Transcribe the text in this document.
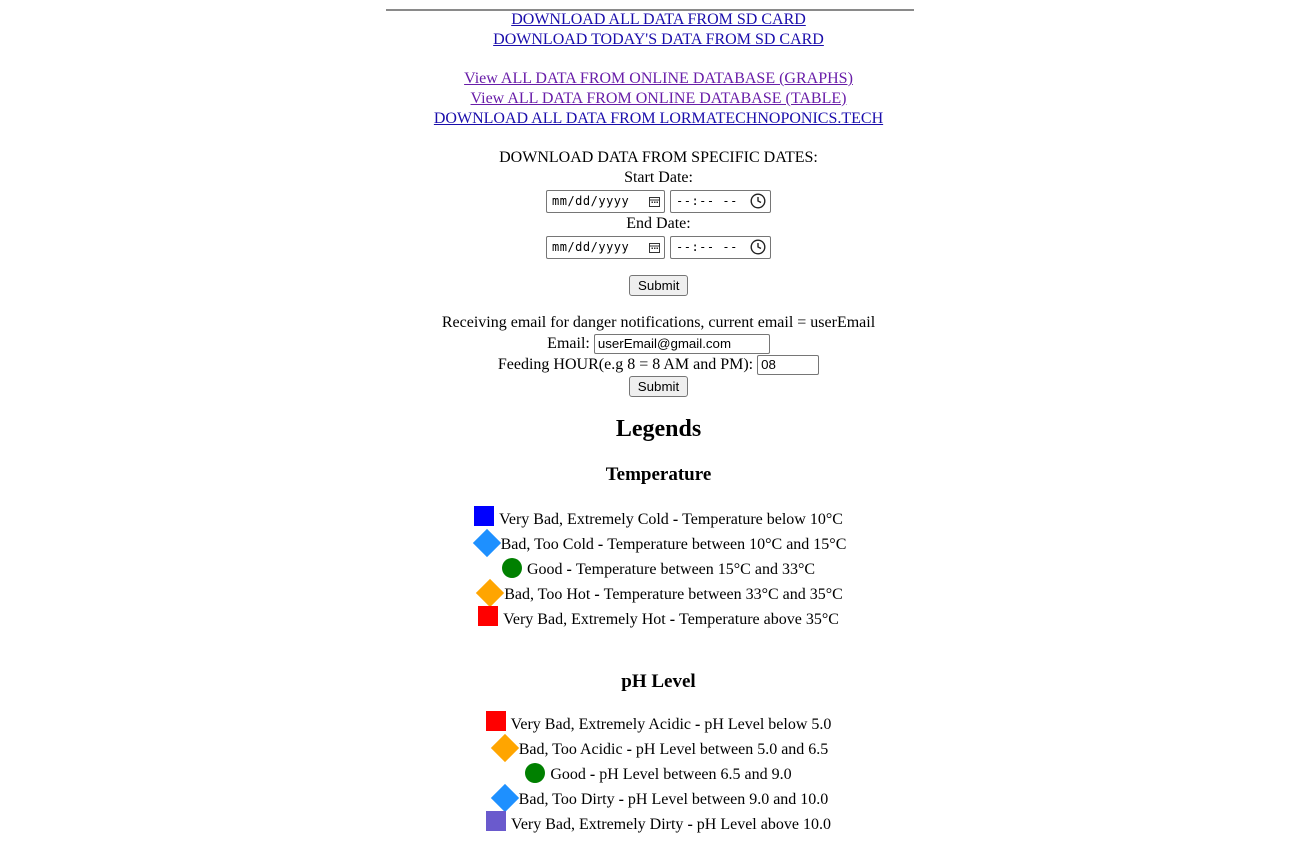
DOWNLOAD ALL DATA FROM SD CARD
DOWNLOAD TODAY'S DATA FROM SD CARD
View ALL DATA FROM ONLINE DATABASE (GRAPHS)
View ALL DATA FROM ONLINE DATABASE (TABLE)
DOWNLOAD ALL DATA FROM LORMATECHNOPONICS.TECH
DOWNLOAD DATA FROM SPECIFIC DATES:
Start Date:
mm/dd/yyyy	--:-- --
End Date:
mm/dd/yyyy	--:-- --
Submit
Receiving email for danger notifications, current email = userEmail
Email: userEmail@gmail.com
Feeding HOUR(e.g 8 = 8 AM and PM): 08
Submit
Legends
Temperature
Very Bad, Extremely Cold - Temperature below 10°C
Bad, Too Cold - Temperature between 10°C and 15°C
Good - Temperature between 15°C and 33°C
Bad, Too Hot - Temperature between 33°C and 35°C
Very Bad, Extremely Hot - Temperature above 35°C
pH Level
Very Bad, Extremely Acidic - pH Level below 5.0
Bad, Too Acidic - pH Level between 5.0 and 6.5
Good - pH Level between 6.5 and 9.0
Bad, Too Dirty - pH Level between 9.0 and 10.0
Very Bad, Extremely Dirty - pH Level above 10.0
